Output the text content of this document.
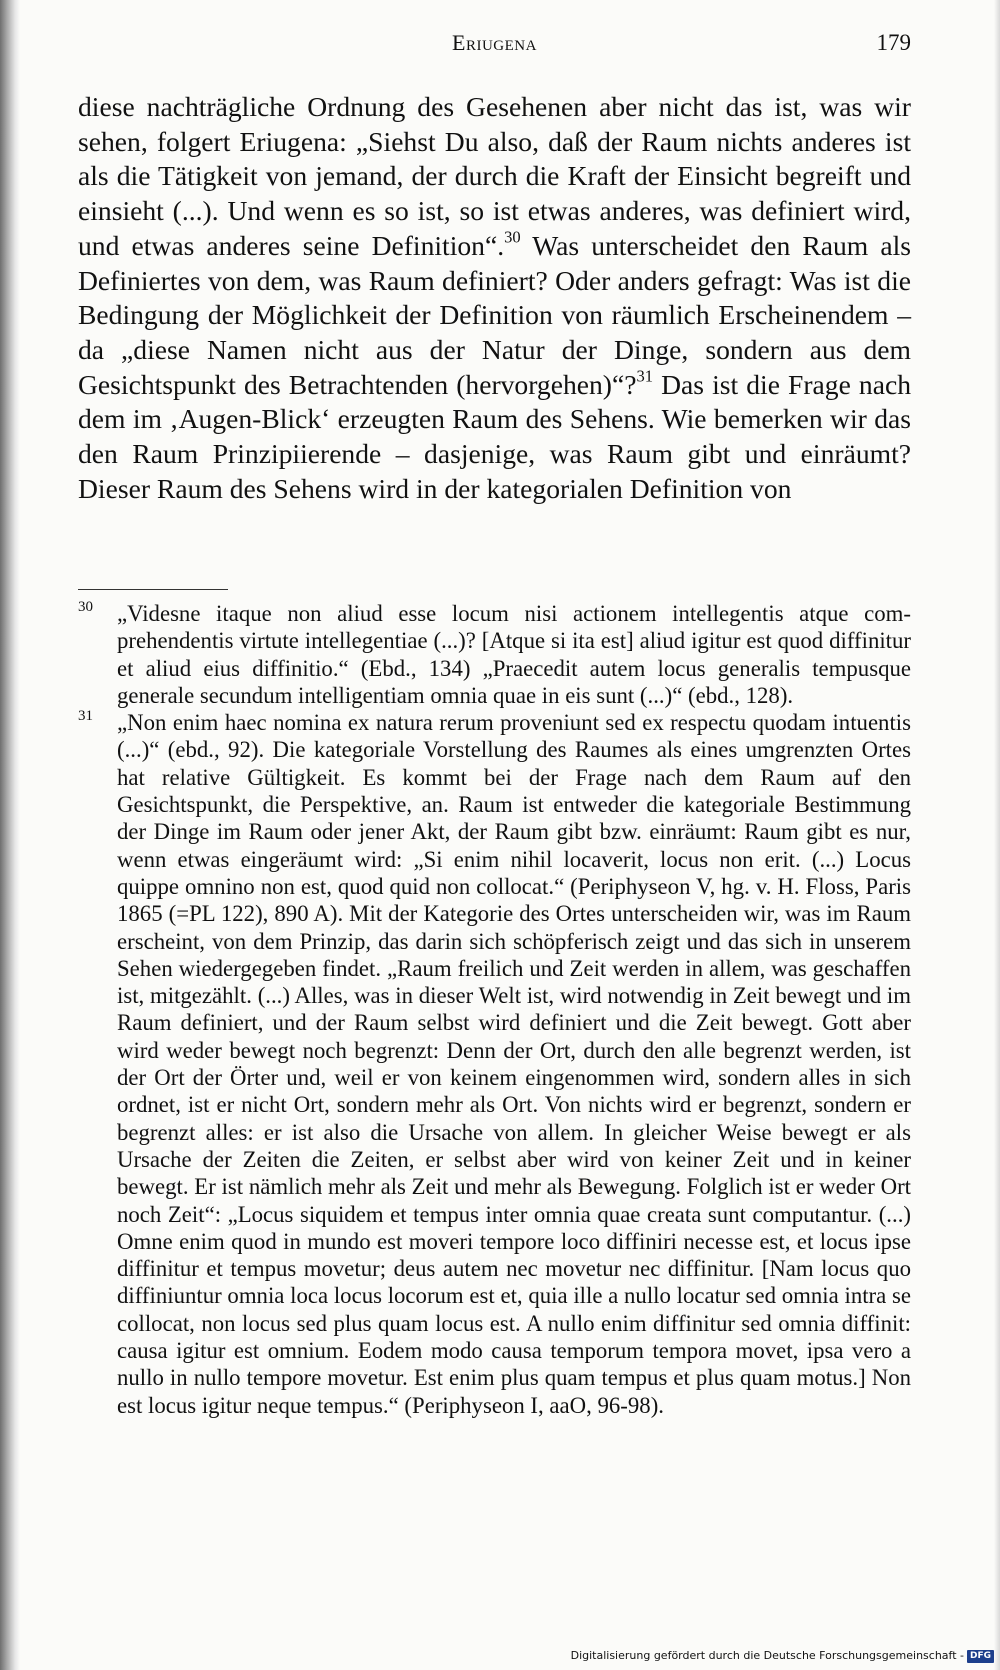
Eriugena	179

diese nachträgliche Ordnung des Gesehenen aber nicht das ist, was wir sehen, folgert Eriugena: „Siehst Du also, daß der Raum nichts anderes ist als die Tätigkeit von jemand, der durch die Kraft der Einsicht begreift und einsieht (...). Und wenn es so ist, so ist etwas anderes, was definiert wird, und etwas anderes seine Definition“.$^{30}$ Was unterscheidet den Raum als Definiertes von dem, was Raum definiert? Oder anders gefragt: Was ist die Bedingung der Möglichkeit der Definition von räumlich Erscheinendem – da „diese Namen nicht aus der Natur der Dinge, sondern aus dem Gesichtspunkt des Betrachtenden (hervorgehen)“?$^{31}$ Das ist die Frage nach dem im ‚Augen-Blick‘ erzeugten Raum des Sehens. Wie bemerken wir das den Raum Prinzipiierende – dasjenige, was Raum gibt und einräumt? Dieser Raum des Sehens wird in der kategorialen Definition von

30 „Videsne itaque non aliud esse locum nisi actionem intellegentis atque comprehendentis virtute intellegentiae (...)? [Atque si ita est] aliud igitur est quod diffinitur et aliud eius diffinitio.“ (Ebd., 134) „Praecedit autem locus generalis tempusque generale secundum intelligentiam omnia quae in eis sunt (...)“ (ebd., 128).

31 „Non enim haec nomina ex natura rerum proveniunt sed ex respectu quodam intuentis (...)“ (ebd., 92). Die kategoriale Vorstellung des Raumes als eines umgrenzten Ortes hat relative Gültigkeit. Es kommt bei der Frage nach dem Raum auf den Gesichtspunkt, die Perspektive, an. Raum ist entweder die kategoriale Bestimmung der Dinge im Raum oder jener Akt, der Raum gibt bzw. einräumt: Raum gibt es nur, wenn etwas eingeräumt wird: „Si enim nihil locaverit, locus non erit. (...) Locus quippe omnino non est, quod quid non collocat.“ (Periphyseon V, hg. v. H. Floss, Paris 1865 (=PL 122), 890 A). Mit der Kategorie des Ortes unterscheiden wir, was im Raum erscheint, von dem Prinzip, das darin sich schöpferisch zeigt und das sich in unserem Sehen wiedergegeben findet. „Raum freilich und Zeit werden in allem, was geschaffen ist, mitgezählt. (...) Alles, was in dieser Welt ist, wird notwendig in Zeit bewegt und im Raum definiert, und der Raum selbst wird definiert und die Zeit bewegt. Gott aber wird weder bewegt noch begrenzt: Denn der Ort, durch den alle begrenzt werden, ist der Ort der Örter und, weil er von keinem eingenommen wird, sondern alles in sich ordnet, ist er nicht Ort, sondern mehr als Ort. Von nichts wird er begrenzt, sondern er begrenzt alles: er ist also die Ursache von allem. In gleicher Weise bewegt er als Ursache der Zeiten die Zeiten, er selbst aber wird von keiner Zeit und in keiner bewegt. Er ist nämlich mehr als Zeit und mehr als Bewegung. Folglich ist er weder Ort noch Zeit“: „Locus siquidem et tempus inter omnia quae creata sunt computantur. (...) Omne enim quod in mundo est moveri tempore loco diffiniri necesse est, et locus ipse diffinitur et tempus movetur; deus autem nec movetur nec diffinitur. [Nam locus quo diffiniuntur omnia loca locus locorum est et, quia ille a nullo locatur sed omnia intra se collocat, non locus sed plus quam locus est. A nullo enim diffinitur sed omnia diffinit: causa igitur est omnium. Eodem modo causa temporum tempora movet, ipsa vero a nullo in nullo tempore movetur. Est enim plus quam tempus et plus quam motus.] Non est locus igitur neque tempus.“ (Periphyseon I, aaO, 96-98).

Digitalisierung gefördert durch die Deutsche Forschungsgemeinschaft - DFG
